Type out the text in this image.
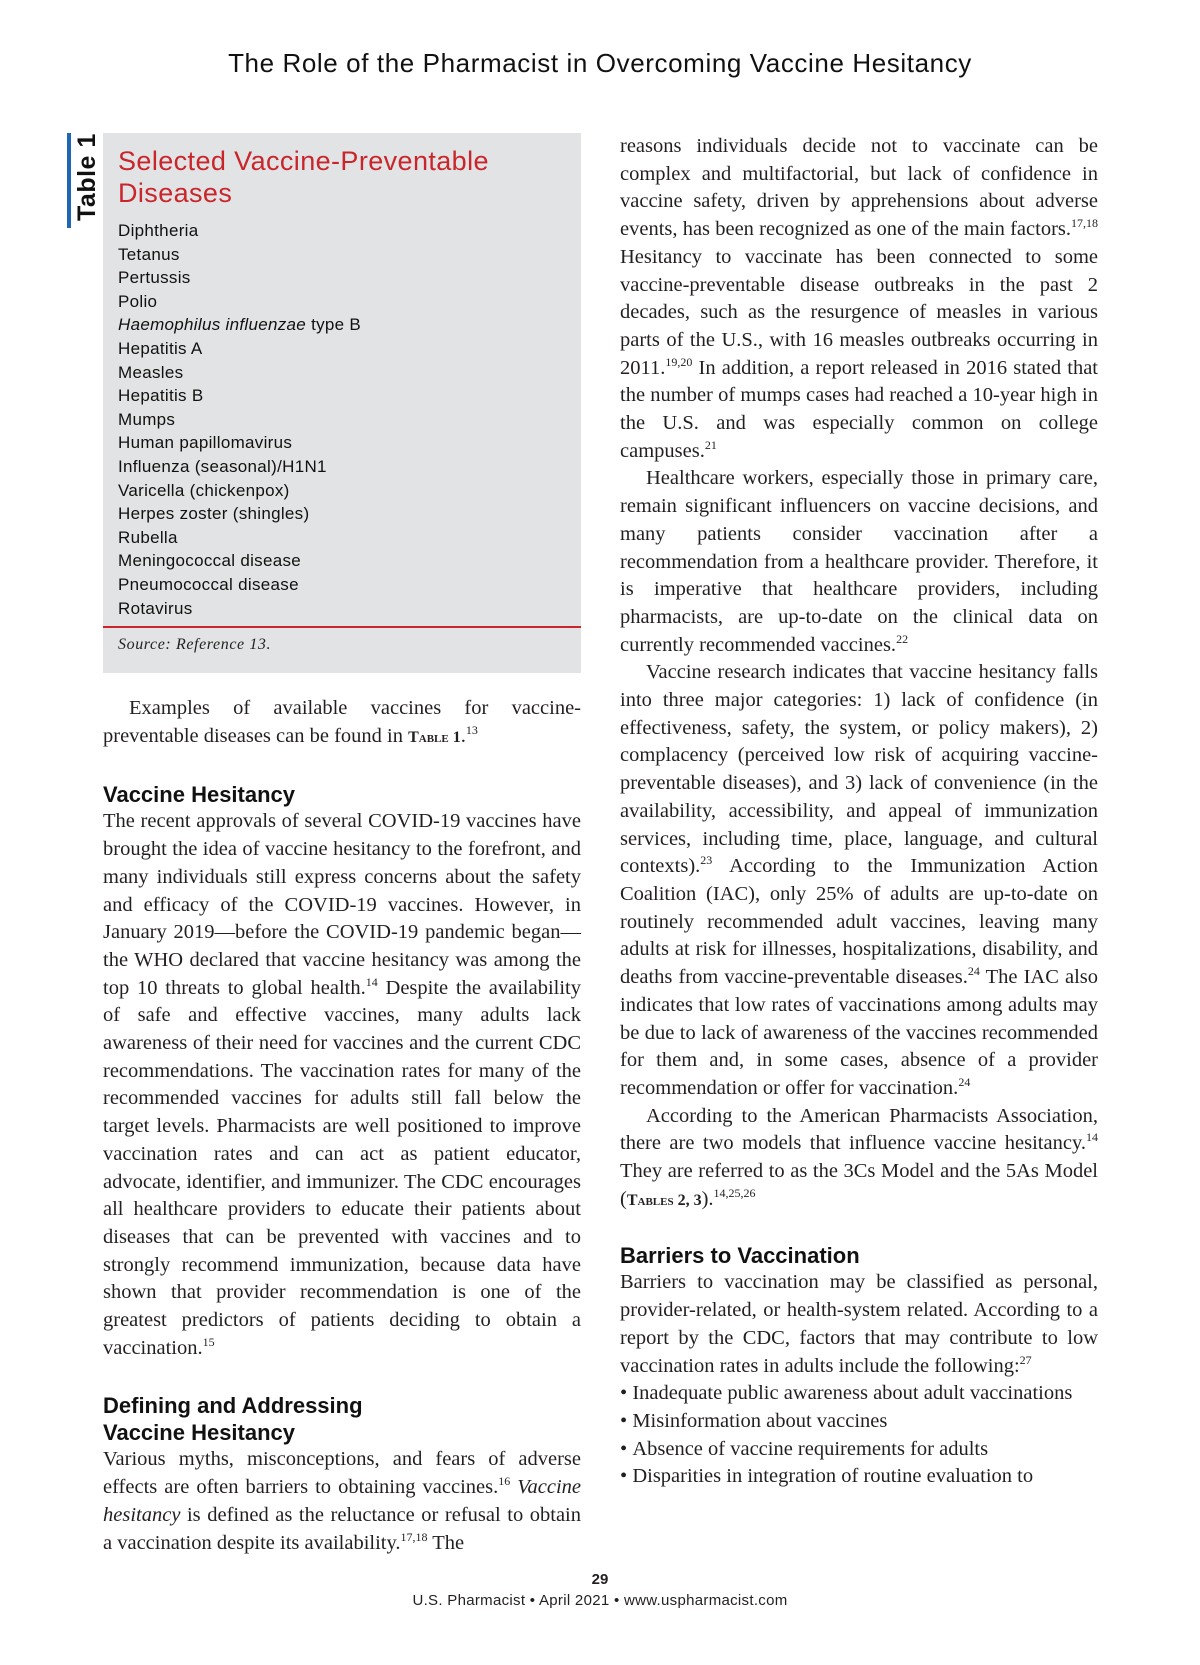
The Role of the Pharmacist in Overcoming Vaccine Hesitancy
Table 1 Selected Vaccine-Preventable Diseases
Diphtheria
Tetanus
Pertussis
Polio
Haemophilus influenzae type B
Hepatitis A
Measles
Hepatitis B
Mumps
Human papillomavirus
Influenza (seasonal)/H1N1
Varicella (chickenpox)
Herpes zoster (shingles)
Rubella
Meningococcal disease
Pneumococcal disease
Rotavirus
Source: Reference 13.

Examples of available vaccines for vaccine-preventable diseases can be found in Table 1.13

Vaccine Hesitancy

The recent approvals of several COVID-19 vaccines have brought the idea of vaccine hesitancy to the forefront, and many individuals still express concerns about the safety and efficacy of the COVID-19 vaccines. However, in January 2019—before the COVID-19 pandemic began—the WHO declared that vaccine hesitancy was among the top 10 threats to global health.$^{14}$ Despite the availability of safe and effective vaccines, many adults lack awareness of their need for vaccines and the current CDC recommendations. The vaccination rates for many of the recommended vaccines for adults still fall below the target levels. Pharmacists are well positioned to improve vaccination rates and can act as patient educator, advocate, identifier, and immunizer. The CDC encourages all healthcare providers to educate their patients about diseases that can be prevented with vaccines and to strongly recommend immunization, because data have shown that provider recommendation is one of the greatest predictors of patients deciding to obtain a vaccination.$^{15}$

Defining and Addressing
Vaccine Hesitancy

Various myths, misconceptions, and fears of adverse effects are often barriers to obtaining vaccines.$^{16}$ Vaccine hesitancy is defined as the reluctance or refusal to obtain a vaccination despite its availability.$^{17,18}$ The

reasons individuals decide not to vaccinate can be complex and multifactorial, but lack of confidence in vaccine safety, driven by apprehensions about adverse events, has been recognized as one of the main factors.$^{17,18}$ Hesitancy to vaccinate has been connected to some vaccine-preventable disease outbreaks in the past 2 decades, such as the resurgence of measles in various parts of the U.S., with 16 measles outbreaks occurring in 2011.$^{19,20}$ In addition, a report released in 2016 stated that the number of mumps cases had reached a 10-year high in the U.S. and was especially common on college campuses.$^{21}$

Healthcare workers, especially those in primary care, remain significant influencers on vaccine decisions, and many patients consider vaccination after a recommendation from a healthcare provider. Therefore, it is imperative that healthcare providers, including pharmacists, are up-to-date on the clinical data on currently recommended vaccines.$^{22}$

Vaccine research indicates that vaccine hesitancy falls into three major categories: 1) lack of confidence (in effectiveness, safety, the system, or policy makers), 2) complacency (perceived low risk of acquiring vaccine-preventable diseases), and 3) lack of convenience (in the availability, accessibility, and appeal of immunization services, including time, place, language, and cultural contexts).$^{23}$ According to the Immunization Action Coalition (IAC), only 25% of adults are up-to-date on routinely recommended adult vaccines, leaving many adults at risk for illnesses, hospitalizations, disability, and deaths from vaccine-preventable diseases.$^{24}$ The IAC also indicates that low rates of vaccinations among adults may be due to lack of awareness of the vaccines recommended for them and, in some cases, absence of a provider recommendation or offer for vaccination.$^{24}$

According to the American Pharmacists Association, there are two models that influence vaccine hesitancy.$^{14}$ They are referred to as the 3Cs Model and the 5As Model (Tables 2, 3).$^{14,25,26}$

Barriers to Vaccination

Barriers to vaccination may be classified as personal, provider-related, or health-system related. According to a report by the CDC, factors that may contribute to low vaccination rates in adults include the following:$^{27}$

• Inadequate public awareness about adult vaccinations
• Misinformation about vaccines
• Absence of vaccine requirements for adults
• Disparities in integration of routine evaluation to
29
U.S. Pharmacist • April 2021 • www.uspharmacist.com
